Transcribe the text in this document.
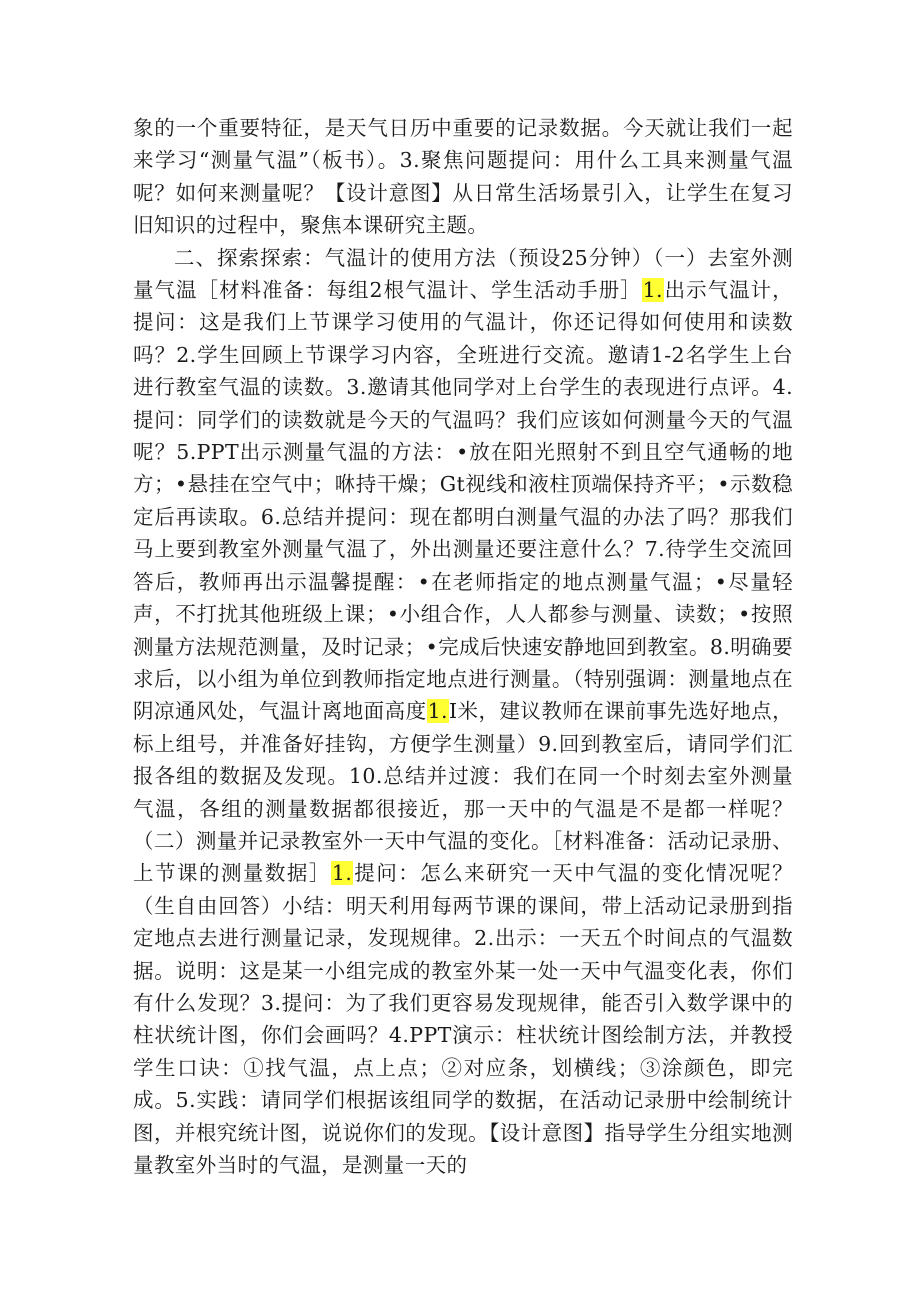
象的一个重要特征，是天气日历中重要的记录数据。今天就让我们一起来学习“测量气温”（板书）。3.聚焦问题提问：用什么工具来测量气温呢？如何来测量呢？【设计意图】从日常生活场景引入，让学生在复习旧知识的过程中，聚焦本课研究主题。

二、探索探索：气温计的使用方法（预设25分钟）（一）去室外测量气温［材料准备：每组2根气温计、学生活动手册］1.出示气温计，提问：这是我们上节课学习使用的气温计，你还记得如何使用和读数吗？2.学生回顾上节课学习内容，全班进行交流。邀请1-2名学生上台进行教室气温的读数。3.邀请其他同学对上台学生的表现进行点评。4.提问：同学们的读数就是今天的气温吗？我们应该如何测量今天的气温呢？5.PPT出示测量气温的方法：•放在阳光照射不到且空气通畅的地方；•悬挂在空气中；咻持干燥；Gt视线和液柱顶端保持齐平；•示数稳定后再读取。6.总结并提问：现在都明白测量气温的办法了吗？那我们马上要到教室外测量气温了，外出测量还要注意什么？7.待学生交流回答后，教师再出示温馨提醒：•在老师指定的地点测量气温；•尽量轻声，不打扰其他班级上课；•小组合作，人人都参与测量、读数；•按照测量方法规范测量，及时记录；•完成后快速安静地回到教室。8.明确要求后，以小组为单位到教师指定地点进行测量。（特别强调：测量地点在阴凉通风处，气温计离地面高度1.I米，建议教师在课前事先选好地点，标上组号，并准备好挂钩，方便学生测量）9.回到教室后，请同学们汇报各组的数据及发现。10.总结并过渡：我们在同一个时刻去室外测量气温，各组的测量数据都很接近，那一天中的气温是不是都一样呢？（二）测量并记录教室外一天中气温的变化。［材料准备：活动记录册、上节课的测量数据］1.提问：怎么来研究一天中气温的变化情况呢？（生自由回答）小结：明天利用每两节课的课间，带上活动记录册到指定地点去进行测量记录，发现规律。2.出示：一天五个时间点的气温数据。说明：这是某一小组完成的教室外某一处一天中气温变化表，你们有什么发现？3.提问：为了我们更容易发现规律，能否引入数学课中的柱状统计图，你们会画吗？4.PPT演示：柱状统计图绘制方法，并教授学生口诀：①找气温，点上点；②对应条，划横线；③涂颜色，即完成。5.实践：请同学们根据该组同学的数据，在活动记录册中绘制统计图，并根究统计图，说说你们的发现。【设计意图】指导学生分组实地测量教室外当时的气温，是测量一天的
